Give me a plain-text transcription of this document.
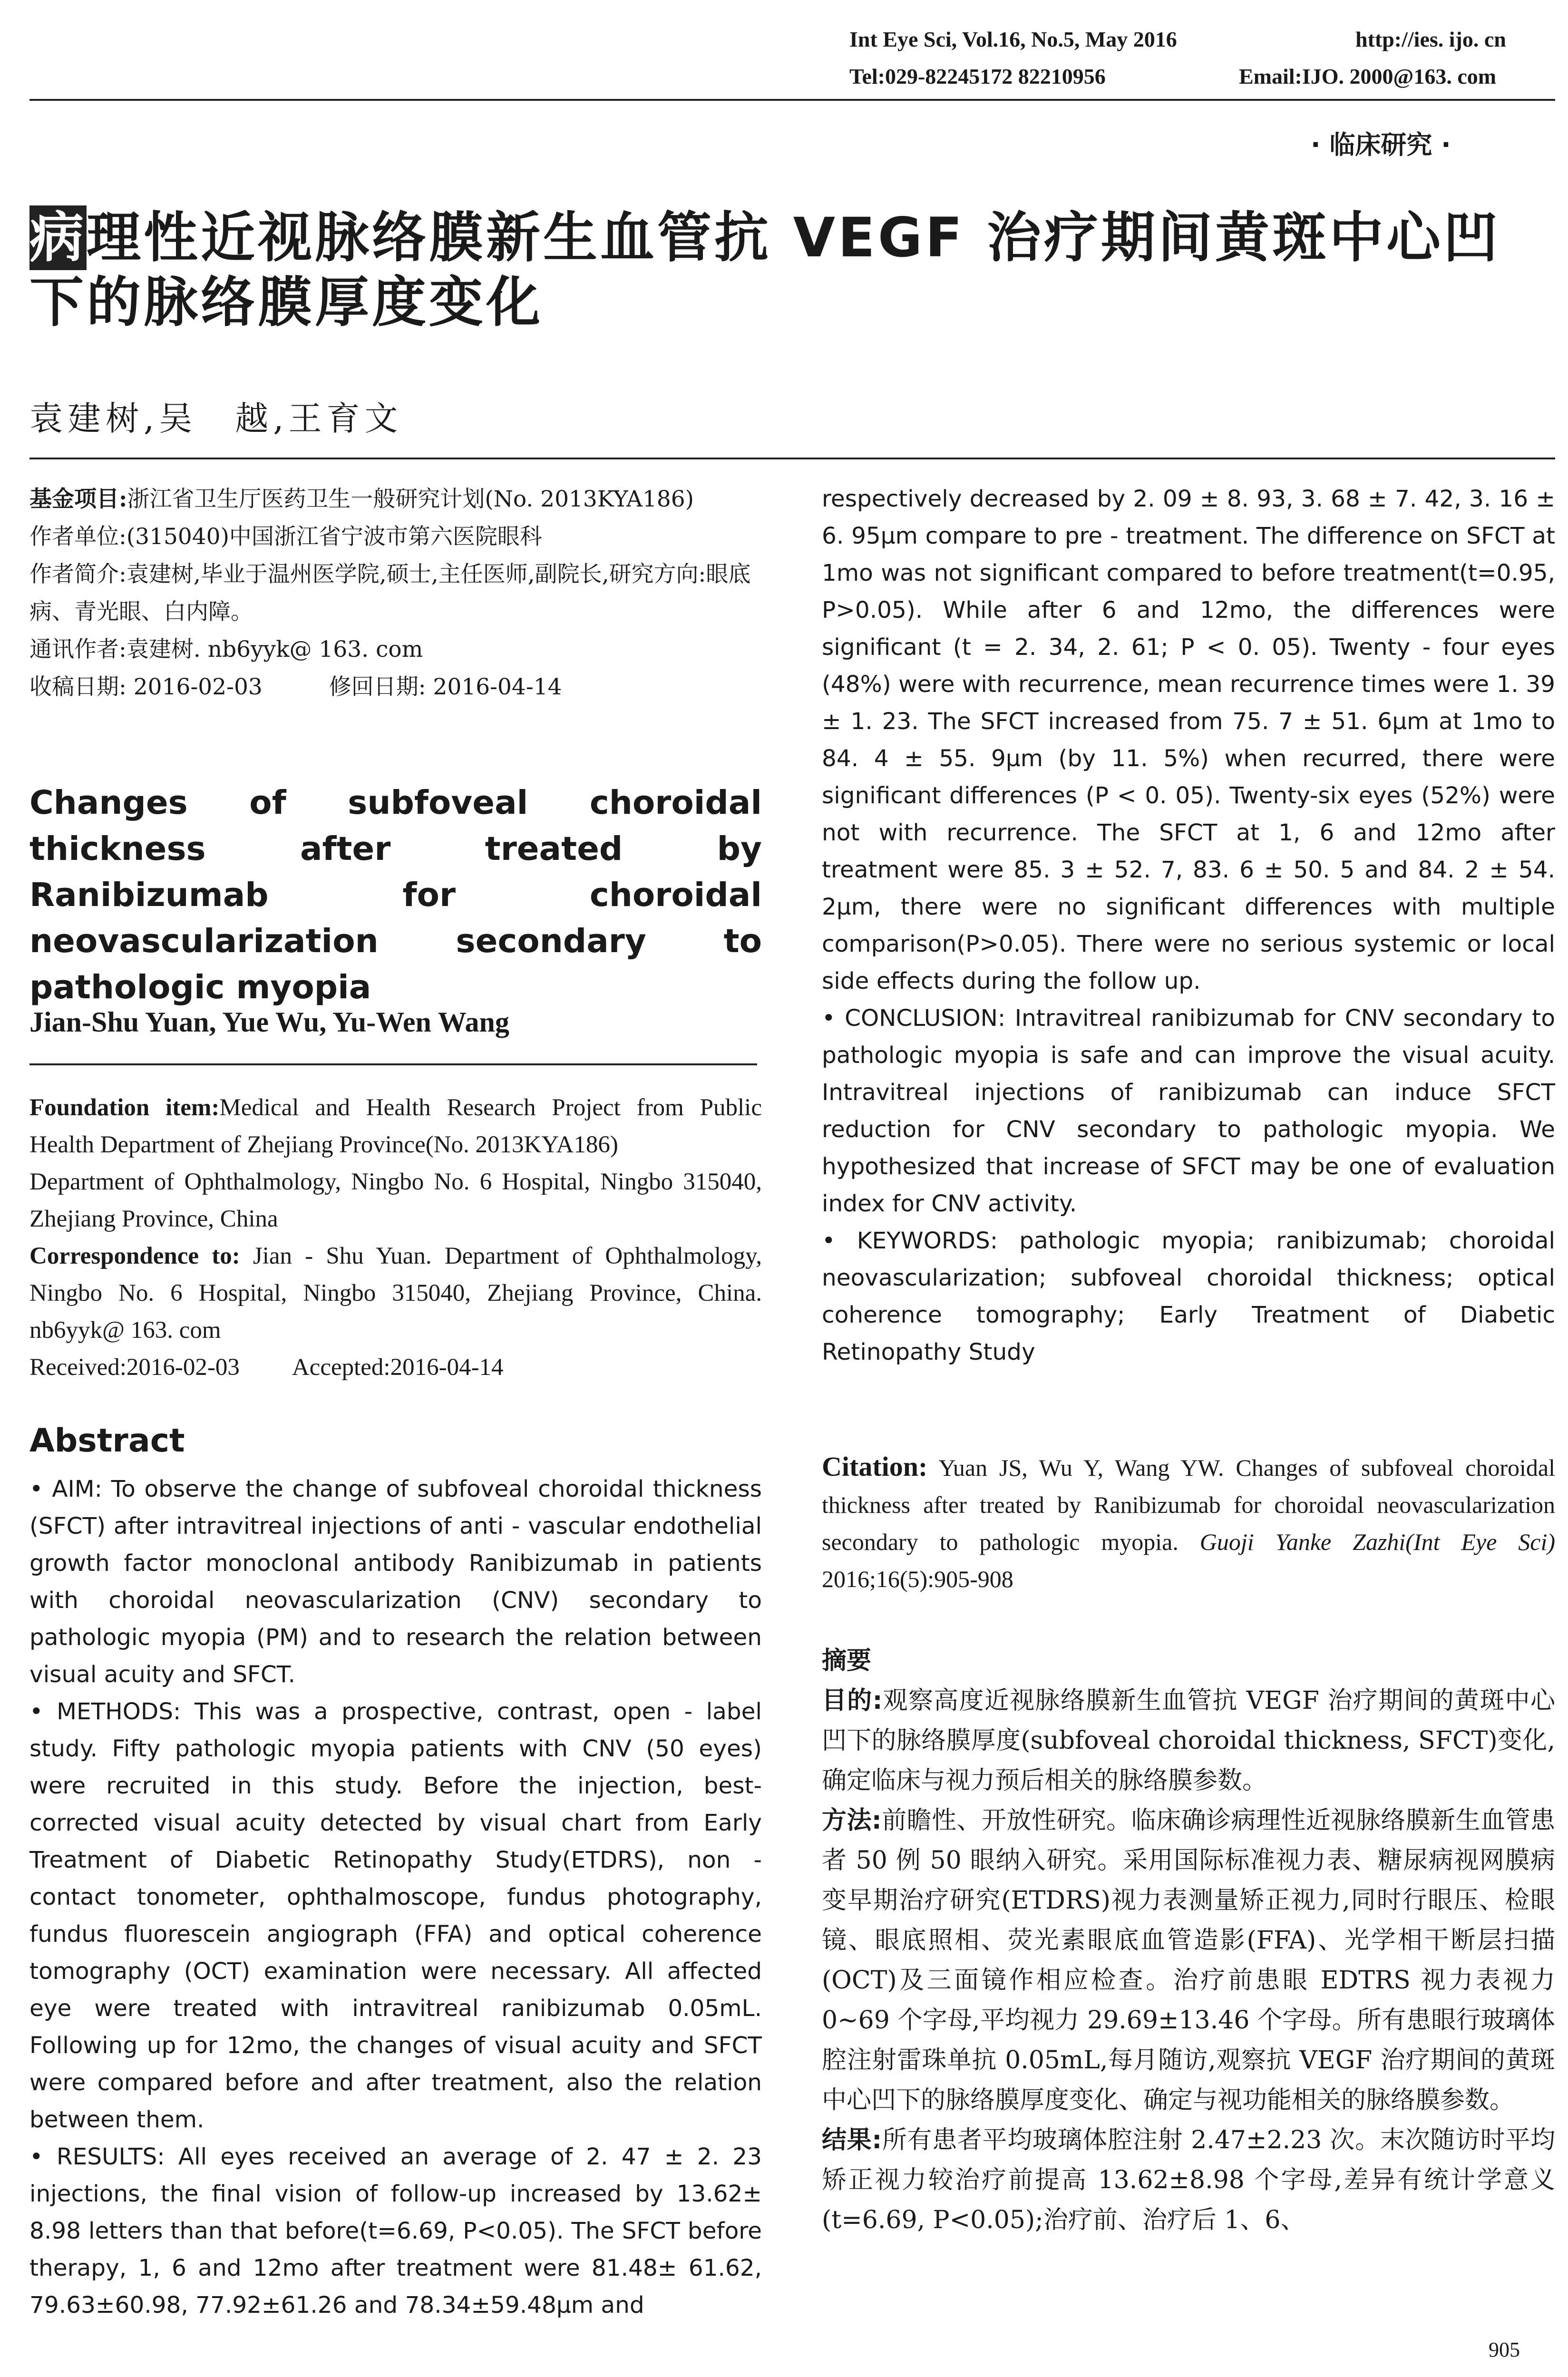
Int Eye Sci, Vol.16, No.5, May 2016	http://ies. ijo. cn
Tel:029-82245172 82210956	Email:IJO. 2000@163. com
· 临床研究 ·
病理性近视脉络膜新生血管抗 VEGF 治疗期间黄斑中心凹下的脉络膜厚度变化
袁建树,吴　越,王育文

基金项目:浙江省卫生厅医药卫生一般研究计划(No. 2013KYA186)

作者单位:(315040)中国浙江省宁波市第六医院眼科

作者简介:袁建树,毕业于温州医学院,硕士,主任医师,副院长,研究方向:眼底病、青光眼、白内障。

通讯作者:袁建树. nb6yyk@ 163. com

收稿日期: 2016-02-03	修回日期: 2016-04-14

Changes of subfoveal choroidal thickness after treated by Ranibizumab for choroidal neovascularization secondary to pathologic myopia
Jian-Shu Yuan, Yue Wu, Yu-Wen Wang

Foundation item:Medical and Health Research Project from Public Health Department of Zhejiang Province(No. 2013KYA186)

Department of Ophthalmology, Ningbo No. 6 Hospital, Ningbo 315040, Zhejiang Province, China

Correspondence to: Jian - Shu Yuan. Department of Ophthalmology, Ningbo No. 6 Hospital, Ningbo 315040, Zhejiang Province, China. nb6yyk@ 163. com

Received:2016-02-03 Accepted:2016-04-14

Abstract

• AIM: To observe the change of subfoveal choroidal thickness (SFCT) after intravitreal injections of anti - vascular endothelial growth factor monoclonal antibody Ranibizumab in patients with choroidal neovascularization (CNV) secondary to pathologic myopia (PM) and to research the relation between visual acuity and SFCT.

• METHODS: This was a prospective, contrast, open - label study. Fifty pathologic myopia patients with CNV (50 eyes) were recruited in this study. Before the injection, best-corrected visual acuity detected by visual chart from Early Treatment of Diabetic Retinopathy Study(ETDRS), non - contact tonometer, ophthalmoscope, fundus photography, fundus fluorescein angiograph (FFA) and optical coherence tomography (OCT) examination were necessary. All affected eye were treated with intravitreal ranibizumab 0.05mL. Following up for 12mo, the changes of visual acuity and SFCT were compared before and after treatment, also the relation between them.

• RESULTS: All eyes received an average of 2. 47 ± 2. 23 injections, the final vision of follow-up increased by 13.62± 8.98 letters than that before(t=6.69, P<0.05). The SFCT before therapy, 1, 6 and 12mo after treatment were 81.48± 61.62, 79.63±60.98, 77.92±61.26 and 78.34±59.48μm and

respectively decreased by 2. 09 ± 8. 93, 3. 68 ± 7. 42, 3. 16 ± 6. 95μm compare to pre - treatment. The difference on SFCT at 1mo was not significant compared to before treatment(t=0.95, P>0.05). While after 6 and 12mo, the differences were significant (t = 2. 34, 2. 61; P < 0. 05). Twenty - four eyes (48%) were with recurrence, mean recurrence times were 1. 39 ± 1. 23. The SFCT increased from 75. 7 ± 51. 6μm at 1mo to 84. 4 ± 55. 9μm (by 11. 5%) when recurred, there were significant differences (P < 0. 05). Twenty-six eyes (52%) were not with recurrence. The SFCT at 1, 6 and 12mo after treatment were 85. 3 ± 52. 7, 83. 6 ± 50. 5 and 84. 2 ± 54. 2μm, there were no significant differences with multiple comparison(P>0.05). There were no serious systemic or local side effects during the follow up.

• CONCLUSION: Intravitreal ranibizumab for CNV secondary to pathologic myopia is safe and can improve the visual acuity. Intravitreal injections of ranibizumab can induce SFCT reduction for CNV secondary to pathologic myopia. We hypothesized that increase of SFCT may be one of evaluation index for CNV activity.

• KEYWORDS: pathologic myopia; ranibizumab; choroidal neovascularization; subfoveal choroidal thickness; optical coherence tomography; Early Treatment of Diabetic Retinopathy Study

Citation: Yuan JS, Wu Y, Wang YW. Changes of subfoveal choroidal thickness after treated by Ranibizumab for choroidal neovascularization secondary to pathologic myopia. Guoji Yanke Zazhi(Int Eye Sci) 2016;16(5):905-908

摘要

目的:观察高度近视脉络膜新生血管抗 VEGF 治疗期间的黄斑中心凹下的脉络膜厚度(subfoveal choroidal thickness, SFCT)变化,确定临床与视力预后相关的脉络膜参数。

方法:前瞻性、开放性研究。临床确诊病理性近视脉络膜新生血管患者 50 例 50 眼纳入研究。采用国际标准视力表、糖尿病视网膜病变早期治疗研究(ETDRS)视力表测量矫正视力,同时行眼压、检眼镜、眼底照相、荧光素眼底血管造影(FFA)、光学相干断层扫描(OCT)及三面镜作相应检查。治疗前患眼 EDTRS 视力表视力 0~69 个字母,平均视力 29.69±13.46 个字母。所有患眼行玻璃体腔注射雷珠单抗 0.05mL,每月随访,观察抗 VEGF 治疗期间的黄斑中心凹下的脉络膜厚度变化、确定与视功能相关的脉络膜参数。

结果:所有患者平均玻璃体腔注射 2.47±2.23 次。末次随访时平均矫正视力较治疗前提高 13.62±8.98 个字母,差异有统计学意义(t=6.69, P<0.05);治疗前、治疗后 1、6、

905
